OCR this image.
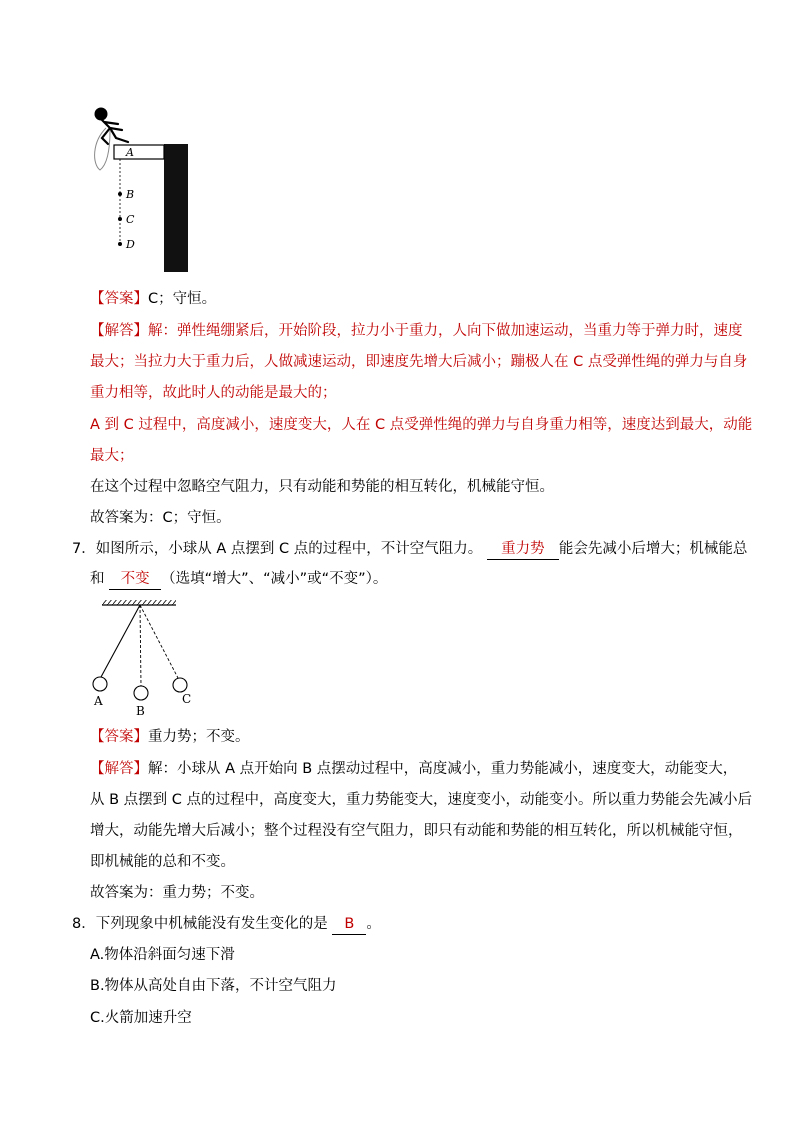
A
B
C
D
【答案】C；守恒。
【解答】解：弹性绳绷紧后，开始阶段，拉力小于重力，人向下做加速运动，当重力等于弹力时，速度
最大；当拉力大于重力后，人做减速运动，即速度先增大后减小；蹦极人在 C 点受弹性绳的弹力与自身
重力相等，故此时人的动能是最大的；
A 到 C 过程中，高度减小，速度变大，人在 C 点受弹性绳的弹力与自身重力相等，速度达到最大，动能
最大；
在这个过程中忽略空气阻力，只有动能和势能的相互转化，机械能守恒。
故答案为：C；守恒。
7．如图所示，小球从 A 点摆到 C 点的过程中，不计空气阻力。 重力势 能会先减小后增大；机械能总
和 不变 （选填“增大”、“减小”或“不变”）。
A
B
C
【答案】重力势；不变。
【解答】解：小球从 A 点开始向 B 点摆动过程中，高度减小，重力势能减小，速度变大，动能变大，
从 B 点摆到 C 点的过程中，高度变大，重力势能变大，速度变小，动能变小。所以重力势能会先减小后
增大，动能先增大后减小；整个过程没有空气阻力，即只有动能和势能的相互转化，所以机械能守恒，
即机械能的总和不变。
故答案为：重力势；不变。
8．下列现象中机械能没有发生变化的是 B 。
A.物体沿斜面匀速下滑
B.物体从高处自由下落，不计空气阻力
C.火箭加速升空
